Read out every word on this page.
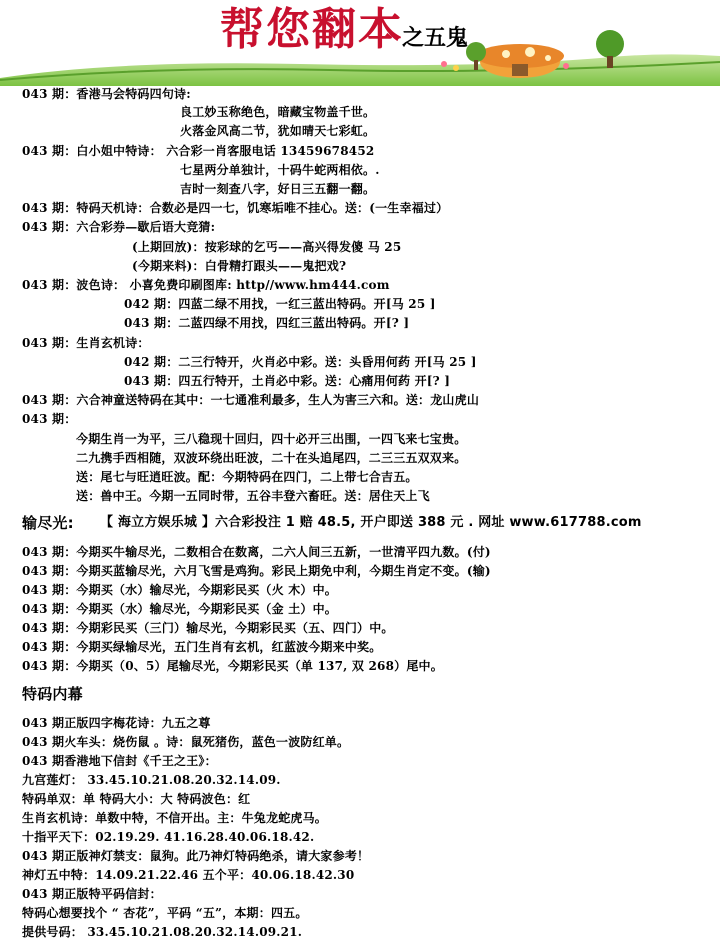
帮您翻本
之五鬼
043 期：香港马会特码四句诗:
良工妙玉称绝色，暗藏宝物盖千世。
火落金风高二节，犹如晴天七彩虹。
043 期：白小姐中特诗： 六合彩一肖客服电话 13459678452
七星两分单独计，十码牛蛇两相依。.
吉时一刻查八字，好日三五翻一翻。
043 期：特码天机诗：合数必是四一七，饥寒垢唯不挂心。送：(一生幸福过）
043 期：六合彩券—歇后语大竞猜:
(上期回放)：按彩球的乞丐——高兴得发傻 马 25
(今期来料)：白骨精打跟头——鬼把戏?
043 期：波色诗： 小喜免费印刷图库: http//www.hm444.com
042 期：四蓝二绿不用找，一红三蓝出特码。开[马 25 ]
043 期：二蓝四绿不用找，四红三蓝出特码。开[? ]
043 期：生肖玄机诗：
042 期：二三行特开，火肖必中彩。送：头昏用何药 开[马 25 ]
043 期：四五行特开，土肖必中彩。送：心痛用何药 开[? ]
043 期：六合神童送特码在其中：一七通准利最多，生人为害三六和。送：龙山虎山
043 期：
今期生肖一为平，三八稳现十回归，四十必开三出围，一四飞来七宝贵。
二九携手西相随，双波环绕出旺波，二十在头追尾四，二三三五双双来。
送：尾七与旺逍旺波。配：今期特码在四门，二上带七合吉五。
送：兽中王。今期一五同时带，五谷丰登六畜旺。送：居住天上飞
输尽光: 【 海立方娱乐城 】六合彩投注 1 赔 48.5, 开户即送 388 元 . 网址 www.617788.com
043 期：今期买牛输尽光，二数相合在数离，二六人间三五新，一世清平四九数。(付)
043 期：今期买蓝输尽光，六月飞雪是鸡狗。彩民上期免中利，今期生肖定不变。(输)
043 期：今期买（水）输尽光，今期彩民买（火 木）中。
043 期：今期买（水）输尽光，今期彩民买（金 土）中。
043 期：今期彩民买（三门）输尽光，今期彩民买（五、四门）中。
043 期：今期买绿输尽光，五门生肖有玄机，红蓝波今期来中奖。
043 期：今期买（0、5）尾输尽光，今期彩民买（单 137, 双 268）尾中。
特码内幕
043 期正版四字梅花诗：九五之尊
043 期火车头：烧伤鼠 。诗：鼠死猪伤，蓝色一波防红单。
043 期香港地下信封《千王之王》：
九宫莲灯： 33.45.10.21.08.20.32.14.09.
特码单双：单 特码大小：大 特码波色：红
生肖玄机诗：单数中特，不信开出。主：牛兔龙蛇虎马。
十指平天下：02.19.29. 41.16.28.40.06.18.42.
043 期正版神灯禁支：鼠狗。此乃神灯特码绝杀，请大家参考！
神灯五中特：14.09.21.22.46 五个平：40.06.18.42.30
043 期正版特平码信封：
特码心想要找个 “ 杏花”，平码 “五”，本期：四五。
提供号码： 33.45.10.21.08.20.32.14.09.21.
